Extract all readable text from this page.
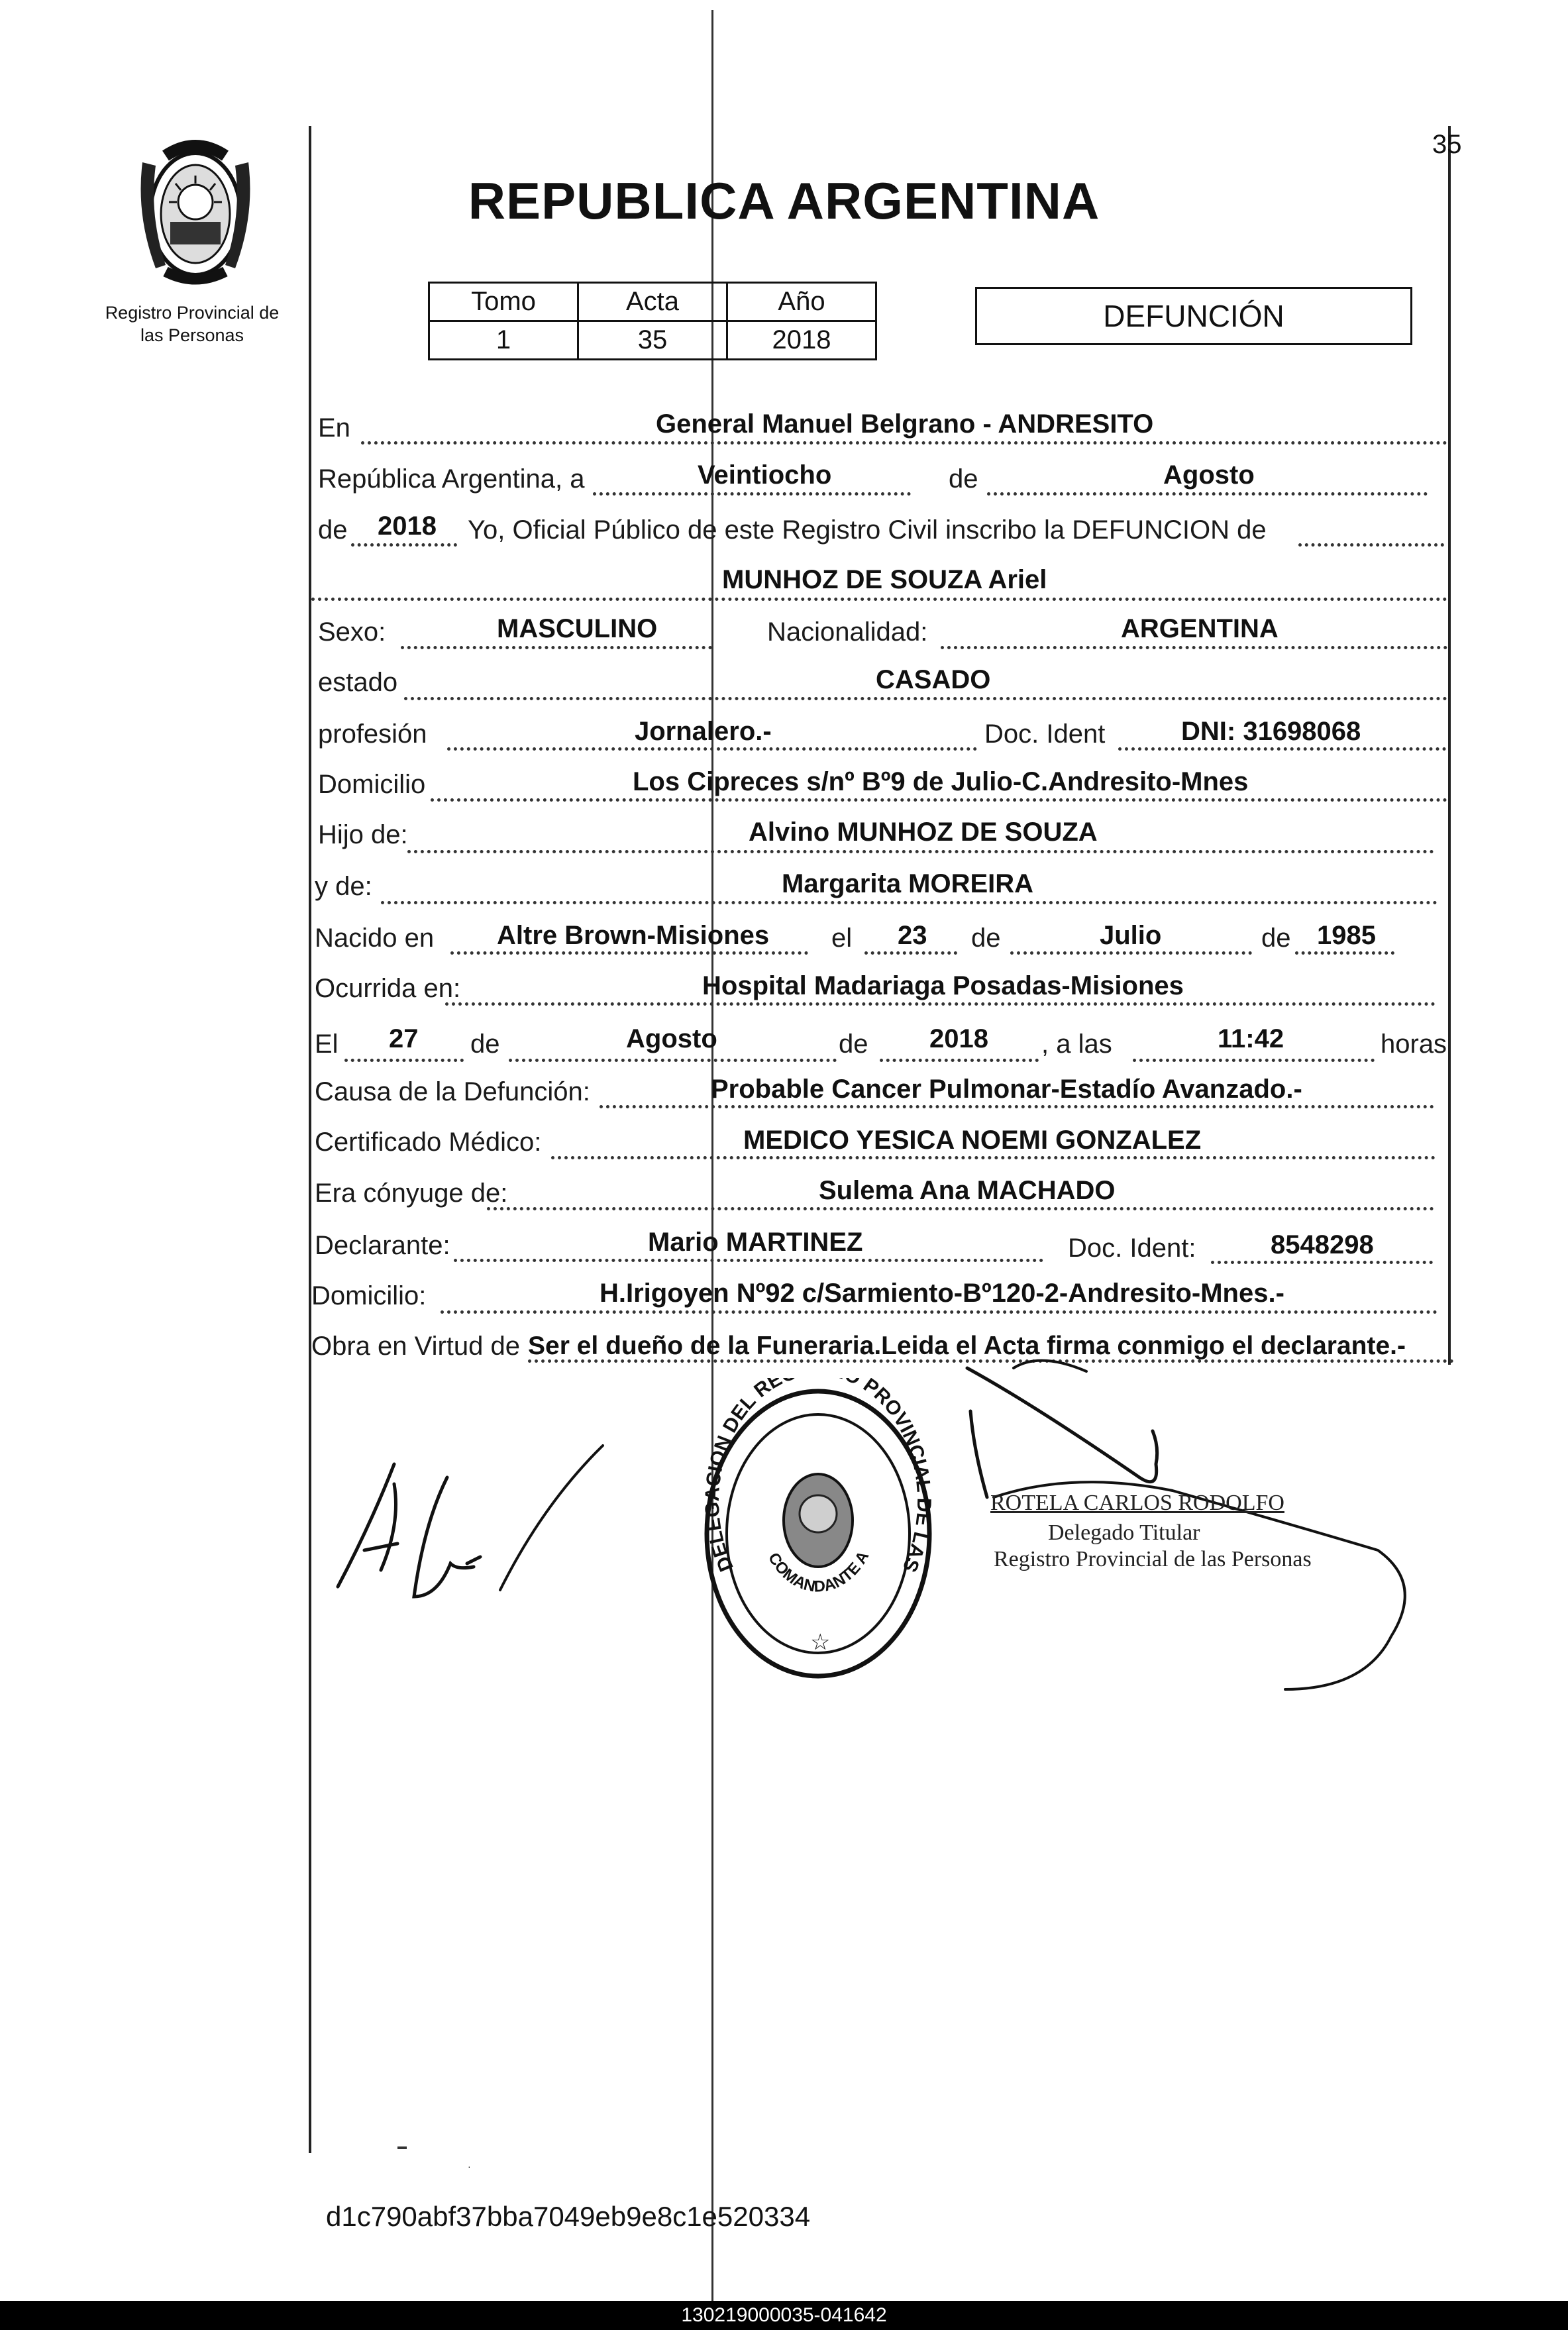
35
Registro Provincial de
las Personas
REPUBLICA ARGENTINA
Tomo	Acta	Año
1	35	2018
DEFUNCIÓN
En	General Manuel Belgrano - ANDRESITO
República Argentina, a	Veintiocho	de	Agosto
de 2018 Yo, Oficial Público de este Registro Civil inscribo la DEFUNCION de
MUNHOZ DE SOUZA Ariel
Sexo:	MASCULINO	Nacionalidad:	ARGENTINA
estado	CASADO
profesión	Jornalero.-	Doc. Ident	DNI: 31698068
Domicilio	Los Cipreces s/nº Bº9 de Julio-C.Andresito-Mnes
Hijo de:	Alvino MUNHOZ DE SOUZA
y de:	Margarita MOREIRA
Nacido en Altre Brown-Misiones el 23 de	Julio	de 1985
Ocurrida en:	Hospital Madariaga Posadas-Misiones
El 27 de	Agosto	de 2018 , a las	11:42	horas
Causa de la Defunción:	Probable Cancer Pulmonar-Estadío Avanzado.-
Certificado Médico:	MEDICO YESICA NOEMI GONZALEZ
Era cónyuge de:	Sulema Ana MACHADO
Declarante:	Mario MARTINEZ	Doc. Ident:	8548298
Domicilio:	H.Irigoyen Nº92 c/Sarmiento-Bº120-2-Andresito-Mnes.-
Obra en Virtud de Ser el dueño de la Funeraria.Leida el Acta firma conmigo el declarante.-
DELEGACION DEL RE PROVINCIAL DE LAS
COMANDANTE A
☆
ROTELA CARLOS RODOLFO
Delegado Titular
Registro Provincial de las Personas
·
d1c790abf37bba7049eb9e8c1e520334
130219000035-041642
